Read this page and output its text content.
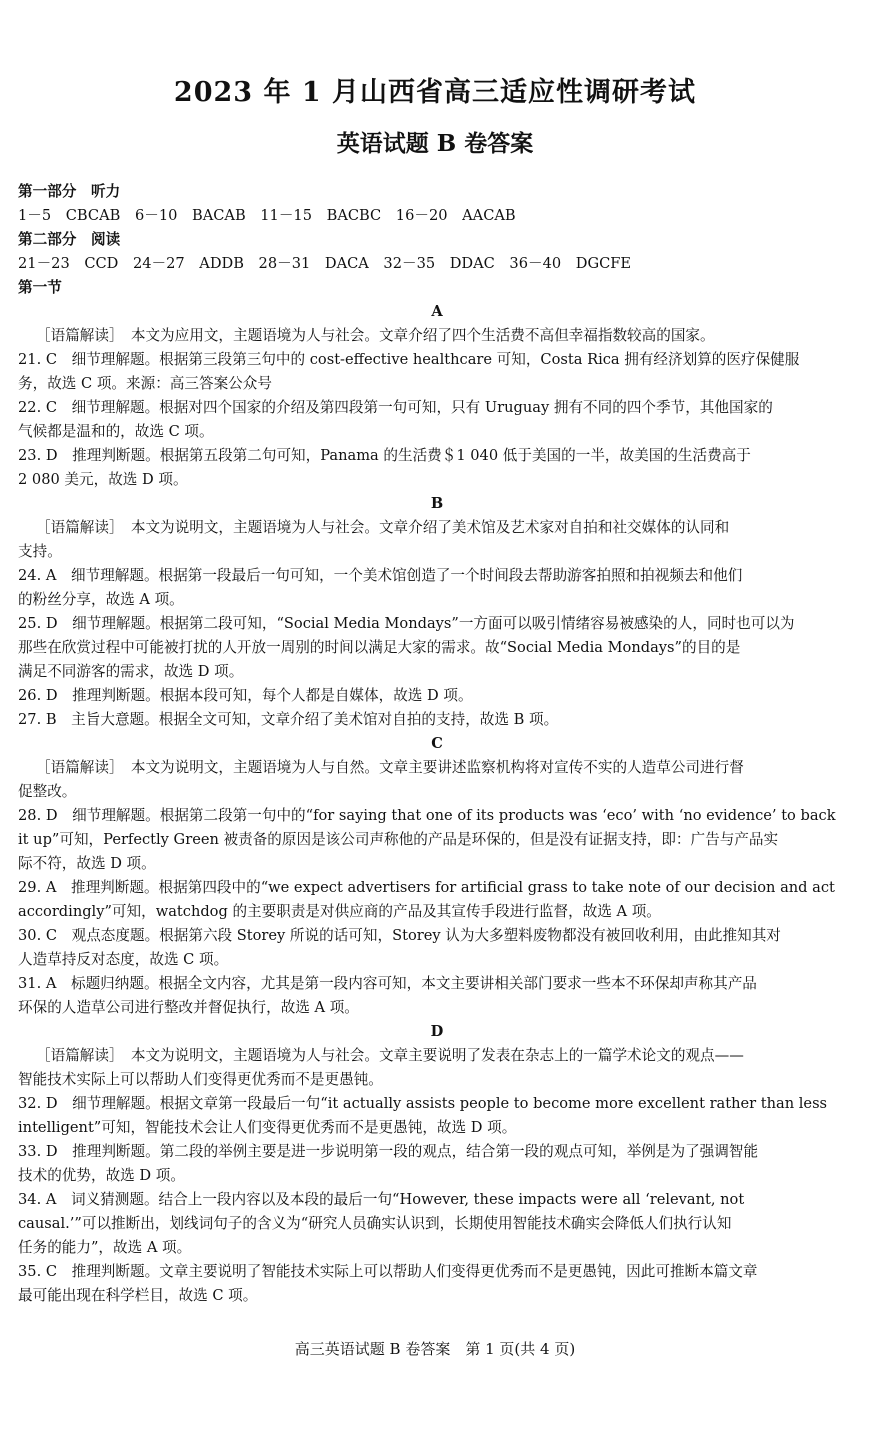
2023 年 1 月山西省高三适应性调研考试
英语试题 B 卷答案
第一部分　听力
1－5　CBCAB　6－10　BACAB　11－15　BACBC　16－20　AACAB
第二部分　阅读
21－23　CCD　24－27　ADDB　28－31　DACA　32－35　DDAC　36－40　DGCFE
第一节
A
［语篇解读］　本文为应用文，主题语境为人与社会。文章介绍了四个生活费不高但幸福指数较高的国家。
21. C　细节理解题。根据第三段第三句中的 cost-effective healthcare 可知，Costa Rica 拥有经济划算的医疗保健服
务，故选 C 项。来源：高三答案公众号
22. C　细节理解题。根据对四个国家的介绍及第四段第一句可知，只有 Uruguay 拥有不同的四个季节，其他国家的
气候都是温和的，故选 C 项。
23. D　推理判断题。根据第五段第二句可知，Panama 的生活费＄1 040 低于美国的一半，故美国的生活费高于
2 080 美元，故选 D 项。
B
［语篇解读］　本文为说明文，主题语境为人与社会。文章介绍了美术馆及艺术家对自拍和社交媒体的认同和
支持。
24. A　细节理解题。根据第一段最后一句可知，一个美术馆创造了一个时间段去帮助游客拍照和拍视频去和他们
的粉丝分享，故选 A 项。
25. D　细节理解题。根据第二段可知，“Social Media Mondays”一方面可以吸引情绪容易被感染的人，同时也可以为
那些在欣赏过程中可能被打扰的人开放一周别的时间以满足大家的需求。故“Social Media Mondays”的目的是
满足不同游客的需求，故选 D 项。
26. D　推理判断题。根据本段可知，每个人都是自媒体，故选 D 项。
27. B　主旨大意题。根据全文可知，文章介绍了美术馆对自拍的支持，故选 B 项。
C
［语篇解读］　本文为说明文，主题语境为人与自然。文章主要讲述监察机构将对宣传不实的人造草公司进行督
促整改。
28. D　细节理解题。根据第二段第一句中的“for saying that one of its products was ‘eco’ with ‘no evidence’ to back
it up”可知，Perfectly Green 被责备的原因是该公司声称他的产品是环保的，但是没有证据支持，即：广告与产品实
际不符，故选 D 项。
29. A　推理判断题。根据第四段中的“we expect advertisers for artificial grass to take note of our decision and act
accordingly”可知，watchdog 的主要职责是对供应商的产品及其宣传手段进行监督，故选 A 项。
30. C　观点态度题。根据第六段 Storey 所说的话可知，Storey 认为大多塑料废物都没有被回收利用，由此推知其对
人造草持反对态度，故选 C 项。
31. A　标题归纳题。根据全文内容，尤其是第一段内容可知，本文主要讲相关部门要求一些本不环保却声称其产品
环保的人造草公司进行整改并督促执行，故选 A 项。
D
［语篇解读］　本文为说明文，主题语境为人与社会。文章主要说明了发表在杂志上的一篇学术论文的观点——
智能技术实际上可以帮助人们变得更优秀而不是更愚钝。
32. D　细节理解题。根据文章第一段最后一句“it actually assists people to become more excellent rather than less
intelligent”可知，智能技术会让人们变得更优秀而不是更愚钝，故选 D 项。
33. D　推理判断题。第二段的举例主要是进一步说明第一段的观点，结合第一段的观点可知，举例是为了强调智能
技术的优势，故选 D 项。
34. A　词义猜测题。结合上一段内容以及本段的最后一句“However, these impacts were all ‘relevant, not
causal.’”可以推断出，划线词句子的含义为“研究人员确实认识到，长期使用智能技术确实会降低人们执行认知
任务的能力”，故选 A 项。
35. C　推理判断题。文章主要说明了智能技术实际上可以帮助人们变得更优秀而不是更愚钝，因此可推断本篇文章
最可能出现在科学栏目，故选 C 项。
高三英语试题 B 卷答案　第 1 页(共 4 页)
